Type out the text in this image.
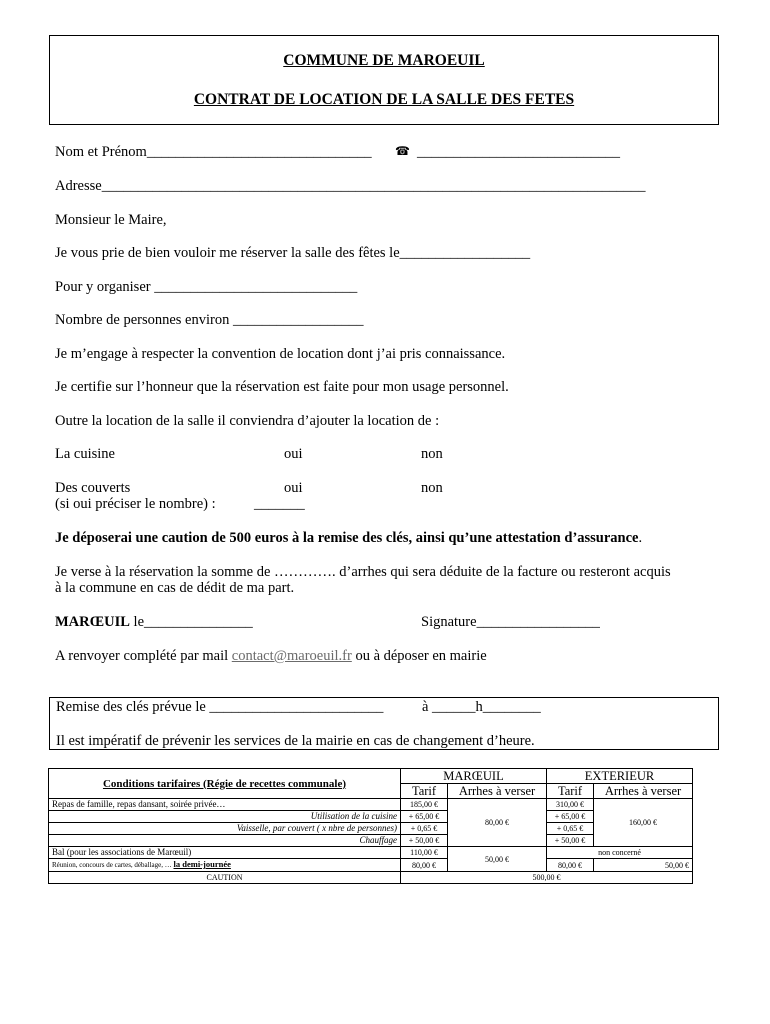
COMMUNE DE MAROEUIL
CONTRAT DE LOCATION DE LA SALLE DES FETES
Nom et Prénom_______________________________ ☎ ____________________________
Adresse___________________________________________________________________________
Monsieur le Maire,
Je vous prie de bien vouloir me réserver la salle des fêtes le__________________
Pour y organiser ____________________________
Nombre de personnes environ __________________
Je m’engage à respecter la convention de location dont j’ai pris connaissance.
Je certifie sur l’honneur que la réservation est faite pour mon usage personnel.
Outre la location de la salle il conviendra d’ajouter la location de :
La cuisine	oui	non
Des couverts	oui	non
(si oui préciser le nombre) :	_______
Je déposerai une caution de 500 euros à la remise des clés, ainsi qu’une attestation d’assurance.
Je verse à la réservation la somme de …………. d’arrhes qui sera déduite de la facture ou resteront acquis
à la commune en cas de dédit de ma part.
MARŒUIL le_______________	Signature_________________
A renvoyer complété par mail contact@maroeuil.fr ou à déposer en mairie
Remise des clés prévue le ________________________	à ______h________
Il est impératif de prévenir les services de la mairie en cas de changement d’heure.
Conditions tarifaires (Régie de recettes communale)	MARŒUIL		EXTERIEUR	
	Tarif	Arrhes à verser	Tarif	Arrhes à verser
Repas de famille, repas dansant, soirée privée…	185,00 €	80,00 €	310,00 €	160,00 €
Utilisation de la cuisine	+ 65,00 €		+ 65,00 €	
Vaisselle, par couvert ( x nbre de personnes)	+ 0,65 €		+ 0,65 €	
Chauffage	+ 50,00 €		+ 50,00 €	
Bal (pour les associations de Marœuil)	110,00 €	50,00 €	non concerné	
Réunion, concours de cartes, déballage, … la demi-journée	80,00 €		80,00 €	50,00 €
CAUTION	500,00 €			
